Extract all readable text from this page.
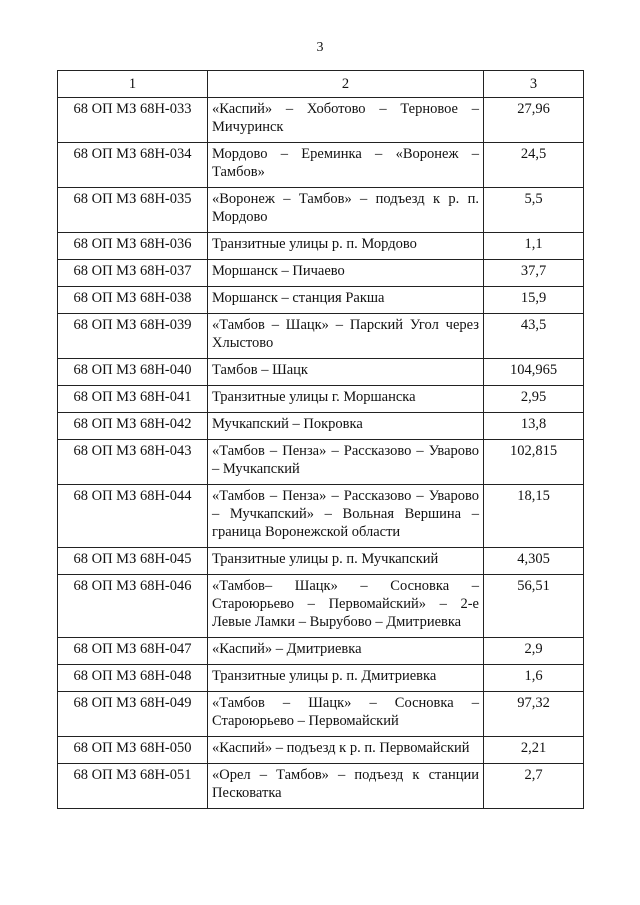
3
1	2	3
68 ОП МЗ 68Н-033	«Каспий» – Хоботово – Терновое – Мичуринск	27,96
68 ОП МЗ 68Н-034	Мордово – Ереминка – «Воронеж – Тамбов»	24,5
68 ОП МЗ 68Н-035	«Воронеж – Тамбов» – подъезд к р. п. Мордово	5,5
68 ОП МЗ 68Н-036	Транзитные улицы р. п. Мордово	1,1
68 ОП МЗ 68Н-037	Моршанск – Пичаево	37,7
68 ОП МЗ 68Н-038	Моршанск – станция Ракша	15,9
68 ОП МЗ 68Н-039	«Тамбов – Шацк» – Парский Угол через Хлыстово	43,5
68 ОП МЗ 68Н-040	Тамбов – Шацк	104,965
68 ОП МЗ 68Н-041	Транзитные улицы г. Моршанска	2,95
68 ОП МЗ 68Н-042	Мучкапский – Покровка	13,8
68 ОП МЗ 68Н-043	«Тамбов – Пенза» – Рассказово – Уварово – Мучкапский	102,815
68 ОП МЗ 68Н-044	«Тамбов – Пенза» – Рассказово – Уварово – Мучкапский» – Вольная Вершина – граница Воронежской области	18,15
68 ОП МЗ 68Н-045	Транзитные улицы р. п. Мучкапский	4,305
68 ОП МЗ 68Н-046	«Тамбов– Шацк» – Сосновка – Староюрьево – Первомайский» – 2-е Левые Ламки – Вырубово – Дмитриевка	56,51
68 ОП МЗ 68Н-047	«Каспий» – Дмитриевка	2,9
68 ОП МЗ 68Н-048	Транзитные улицы р. п. Дмитриевка	1,6
68 ОП МЗ 68Н-049	«Тамбов – Шацк» – Сосновка – Староюрьево – Первомайский	97,32
68 ОП МЗ 68Н-050	«Каспий» – подъезд к р. п. Первомайский	2,21
68 ОП МЗ 68Н-051	«Орел – Тамбов» – подъезд к станции Песковатка	2,7
